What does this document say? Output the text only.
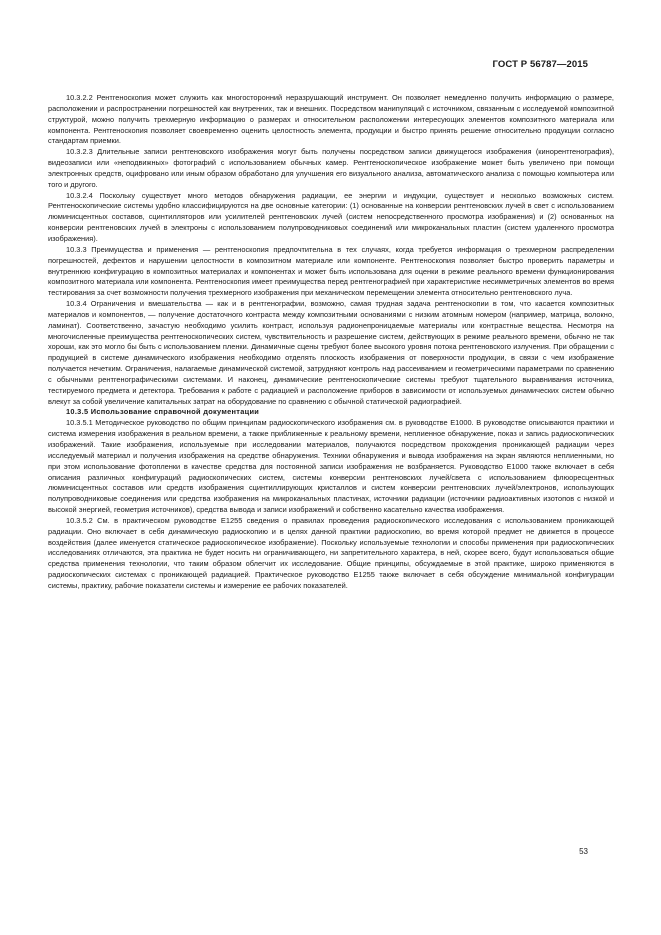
ГОСТ Р 56787—2015

10.3.2.2 Рентгеноскопия может служить как многосторонний неразрушающий инструмент. Он позволяет немедленно получить информацию о размере, расположении и распространении погрешностей как внутренних, так и внешних. Посредством манипуляций с источником, связанным с исследуемой композитной структурой, можно получить трехмерную информацию о размерах и относительном расположении интересующих элементов композитного материала или компонента. Рентгеноскопия позволяет своевременно оценить целостность элемента, продукции и быстро принять решение относительно продукции согласно стандартам приемки.

10.3.2.3 Длительные записи рентгеновского изображения могут быть получены посредством записи движущегося изображения (кинорентгенография), видеозаписи или «неподвижных» фотографий с использованием обычных камер. Рентгеноскопическое изображение может быть увеличено при помощи электронных средств, оцифровано или иным образом обработано для улучшения его визуального анализа, автоматического анализа с помощью компьютера или того и другого.

10.3.2.4 Поскольку существует много методов обнаружения радиации, ее энергии и индукции, существует и несколько возможных систем. Рентгеноскопические системы удобно классифицируются на две основные категории: (1) основанные на конверсии рентгеновских лучей в свет с использованием люминисцентных составов, сцинтилляторов или усилителей рентгеновских лучей (систем непосредственного просмотра изображения) и (2) основанных на конверсии рентгеновских лучей в электроны с использованием полупроводниковых соединений или микроканальных пластин (систем удаленного просмотра изображения).

10.3.3 Преимущества и применения — рентгеноскопия предпочтительна в тех случаях, когда требуется информация о трехмерном распределении погрешностей, дефектов и нарушении целостности в композитном материале или компоненте. Рентгеноскопия позволяет быстро проверить параметры и внутреннюю конфигурацию в композитных материалах и компонентах и может быть использована для оценки в режиме реального времени функционирования композитного материала или компонента. Рентгеноскопия имеет преимущества перед рентгенографией при характеристике несимметричных элементов во время тестирования за счет возможности получения трехмерного изображения при механическом перемещении элемента относительно рентгеновского луча.

10.3.4 Ограничения и вмешательства — как и в рентгенографии, возможно, самая трудная задача рентгеноскопии в том, что касается композитных материалов и компонентов, — получение достаточного контраста между композитными основаниями с низким атомным номером (например, матрица, волокно, ламинат). Соответственно, зачастую необходимо усилить контраст, используя радионепроницаемые материалы или контрастные вещества. Несмотря на многочисленные преимущества рентгеноскопических систем, чувствительность и разрешение систем, действующих в режиме реального времени, обычно не так хороши, как это могло бы быть с использованием пленки. Динамичные сцены требуют более высокого уровня потока рентгеновского излучения. При обращении с продукцией в системе динамического изображения необходимо отделять плоскость изображения от поверхности продукции, в связи с чем изображение получается нечетким. Ограничения, налагаемые динамической системой, затрудняют контроль над рассеиванием и геометрическими параметрами по сравнению с обычными рентгенографическими системами. И наконец, динамические рентгеноскопические системы требуют тщательного выравнивания источника, тестируемого предмета и детектора. Требования к работе с радиацией и расположение приборов в зависимости от используемых динамических систем обычно влекут за собой увеличение капитальных затрат на оборудование по сравнению с обычной статической радиографией.

10.3.5 Использование справочной документации

10.3.5.1 Методическое руководство по общим принципам радиоскопического изображения см. в руководстве E1000. В руководстве описываются практики и система измерения изображения в реальном времени, а также приближенные к реальному времени, неплиенное обнаружение, показ и запись радиоскопических изображений. Такие изображения, используемые при исследовании материалов, получаются посредством прохождения проникающей радиации через исследуемый материал и получения изображения на средстве обнаружения. Техники обнаружения и вывода изображения на экран являются неплиенными, но при этом использование фотопленки в качестве средства для постоянной записи изображения не возбраняется. Руководство E1000 также включает в себя описания различных конфигураций радиоскопических систем, системы конверсии рентгеновских лучей/света с использованием флюоресцентных люминисцентных составов или средств изображения сцинтиллирующих кристаллов и систем конверсии рентгеновских лучей/электронов, использующих полупроводниковые соединения или средства изображения на микроканальных пластинах, источники радиации (источники радиоактивных изотопов с низкой и высокой энергией, геометрия источников), средства вывода и записи изображений и собственно касательно качества изображения.

10.3.5.2 См. в практическом руководстве E1255 сведения о правилах проведения радиоскопического исследования с использованием проникающей радиации. Оно включает в себя динамическую радиоскопию и в целях данной практики радиоскопию, во время которой предмет не движется в процессе воздействия (далее именуется статическое радиоскопическое изображение). Поскольку используемые технологии и способы применения при радиоскопических исследованиях отличаются, эта практика не будет носить ни ограничивающего, ни запретительного характера, в ней, скорее всего, будут использоваться общие средства применения технологии, что таким образом облегчит их исследование. Общие принципы, обсуждаемые в этой практике, широко применяются в радиоскопических системах с проникающей радиацией. Практическое руководство E1255 также включает в себя обсуждение минимальной конфигурации системы, практику, рабочие показатели системы и измерение ее рабочих показателей.

53
